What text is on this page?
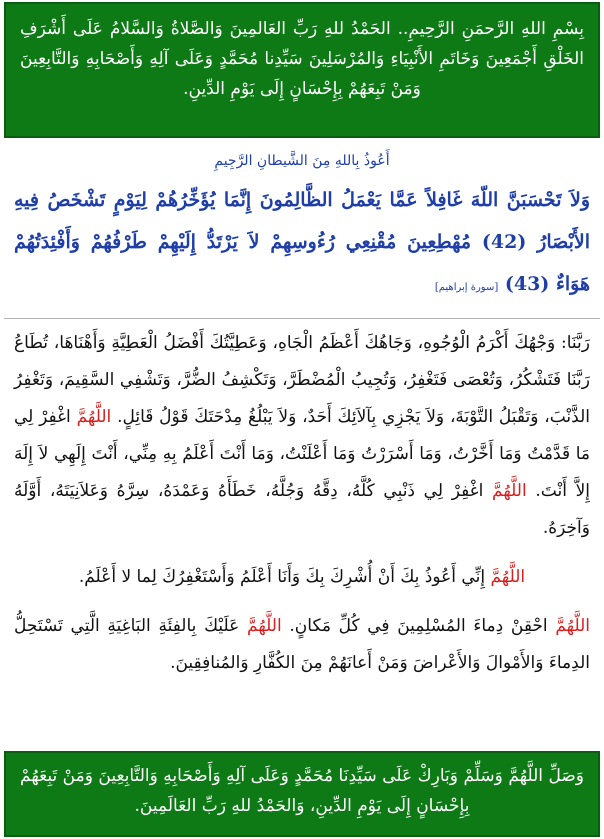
بِسْمِ اللهِ الرَّحمَنِ الرَّحِيمِ.. الحَمْدُ للهِ رَبِّ العَالمِينَ وَالصَّلاةُ وَالسَّلامُ عَلَى أَشْرَفِ الخَلْقِ أَجْمَعِينَ وَخَاتَمِ الأَنْبِيَاءِ وَالمُرْسَلِينَ سَيِّدِنا مُحَمَّدٍ وَعَلَى آلِهِ وَأَصْحَابِهِ وَالتَّابِعِينَ وَمَنْ تَبِعَهُمْ بِإِحْسَانٍ إِلَى يَوْمِ الدِّينِ.
أَعُوذُ بِاللهِ مِنَ الشَّيطانِ الرَّجِيمِ
وَلاَ تَحْسَبَنَّ اللّهَ غَافِلاً عَمَّا يَعْمَلُ الظَّالِمُونَ إِنَّمَا يُؤَخِّرُهُمْ لِيَوْمٍ تَشْخَصُ فِيهِ الأَبْصَارُ (42) مُهْطِعِينَ مُقْنِعِي رُءُوسِهِمْ لاَ يَرْتَدُّ إِلَيْهِمْ طَرْفُهُمْ وَأَفْئِدَتُهُمْ هَوَاءٌ (43) [سورة إبراهيم]

رَبَّنَا: وَجْهُكَ أَكْرَمُ الْوُجُوهِ، وَجَاهُكَ أَعْظَمُ الْجَاهِ، وَعَطِيَّتُكَ أَفْضَلُ الْعَطِيَّةِ وَأَهْنَاهَا، تُطَاعُ رَبَّنَا فَتَشْكُرُ، وَتُعْصَى فَتَغْفِرُ، وَتُجِيبُ الْمُضْطَرَّ، وَتَكْشِفُ الضُّرَّ، وَتَشْفِي السَّقِيمَ، وَتَغْفِرُ الذَّنْبَ، وَتَقْبَلُ التَّوْبَةَ، وَلاَ يَجْزِي بِآلاَئِكَ أَحَدٌ، وَلاَ يَبْلُغُ مِدْحَتَكَ قَوْلُ قَائِلٍ. اللَّهُمَّ اغْفِرْ لِي مَا قَدَّمْتُ وَمَا أَخَّرْتُ، وَمَا أَسْرَرْتُ وَمَا أَعْلَنْتُ، وَمَا أَنْتَ أَعْلَمُ بِهِ مِنِّي، أَنْتَ إِلَهِي لاَ إِلَهَ إِلاَّ أَنْتَ. اللَّهُمَّ اغْفِرْ لِي ذَنْبِي كُلَّهُ، دِقَّهُ وَجُلَّهُ، خَطَأَهُ وَعَمْدَهُ، سِرَّهُ وَعَلاَنِيَتَهُ، أَوَّلَهُ وَآخِرَهُ.

اللَّهُمَّ إِنِّي أَعُوذُ بِكَ أَنْ أُشْرِكَ بِكَ وَأَنَا أَعْلَمُ وَأَسْتَغْفِرُكَ لِما لا أَعْلَمُ.

اللَّهُمَّ احْقِنْ دِماءَ المُسْلِمِينَ فِي كُلِّ مَكانٍ. اللَّهُمَّ عَلَيْكَ بِالفِئَةِ البَاغِيَةِ الَّتِي تَسْتَحِلُّ الدِماءَ وَالأَمْوالَ وَالأَعْراضَ وَمَنْ أَعانَهُمْ مِنَ الكُفَّارِ وَالمُنافِقِينَ.

وَصَلِّ اللَّهُمَّ وَسَلِّمْ وَبَارِكْ عَلَى سَيِّدِنَا مُحَمَّدٍ وَعَلَى آلِهِ وَأَصْحَابِهِ وَالتَّابِعِينَ وَمَنْ تَبِعَهُمْ بِإِحْسَانٍ إِلَى يَوْمِ الدِّينِ، وَالحَمْدُ للهِ رَبِّ العَالَمِينَ.
